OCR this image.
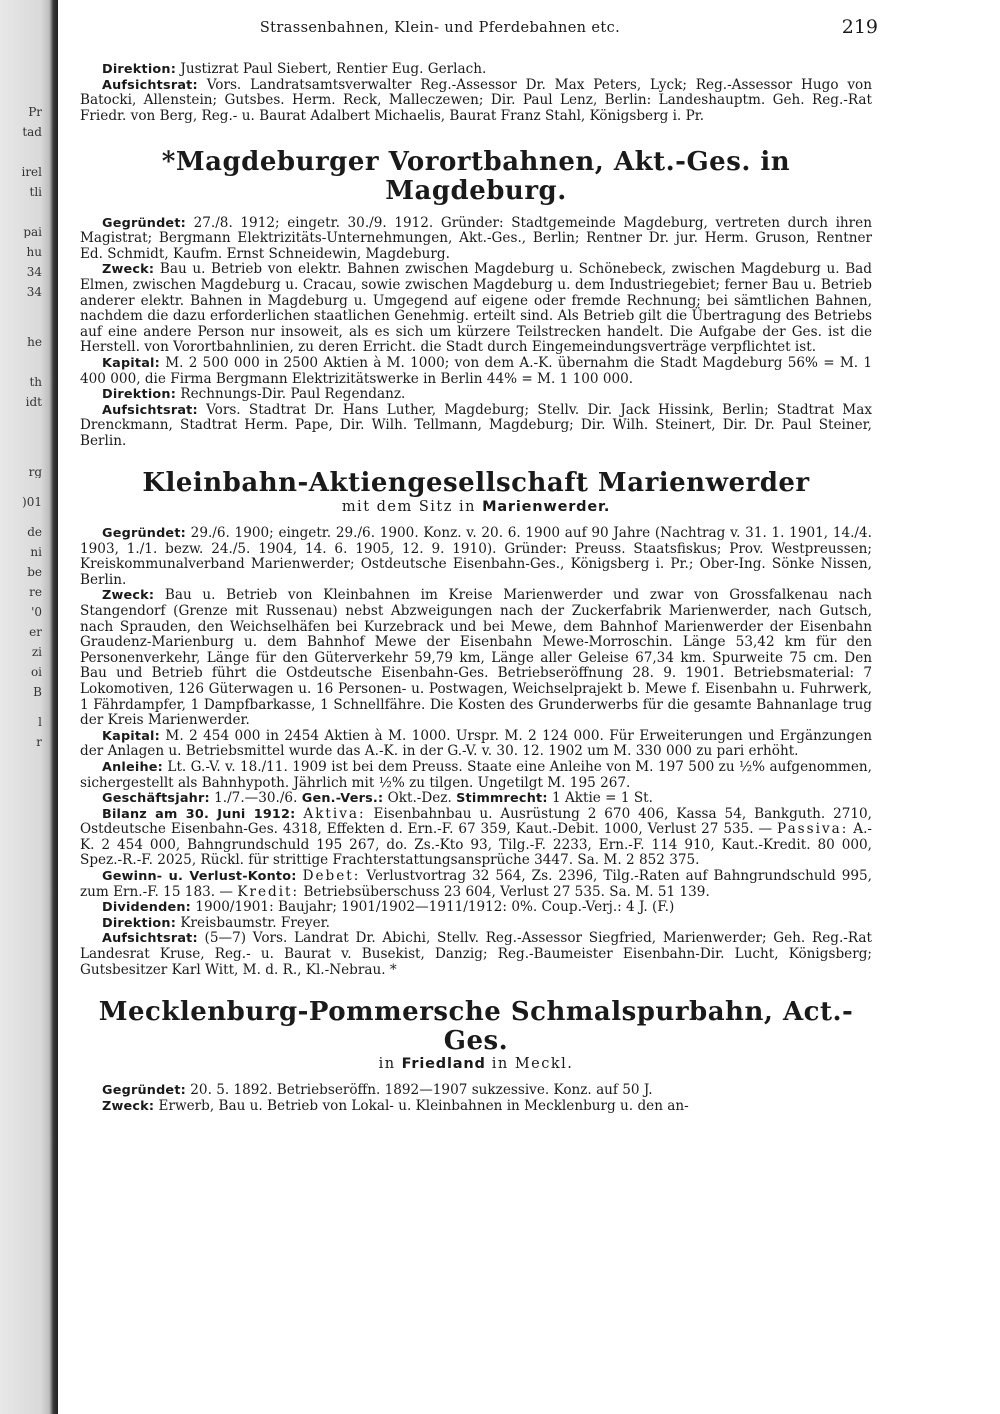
Pr
tad
irel
tli
pai
hu
34
34
he
th
idt
rg
)01
de
ni
be
re
'0
er
zi
oi
B
l
r
Strassenbahnen, Klein- und Pferdebahnen etc.	219

Direktion: Justizrat Paul Siebert, Rentier Eug. Gerlach.

Aufsichtsrat: Vors. Landratsamtsverwalter Reg.-Assessor Dr. Max Peters, Lyck; Reg.-Assessor Hugo von Batocki, Allenstein; Gutsbes. Herm. Reck, Malleczewen; Dir. Paul Lenz, Berlin: Landeshauptm. Geh. Reg.-Rat Friedr. von Berg, Reg.- u. Baurat Adalbert Michaelis, Baurat Franz Stahl, Königsberg i. Pr.

*Magdeburger Vorortbahnen, Akt.-Ges. in Magdeburg.

Gegründet: 27./8. 1912; eingetr. 30./9. 1912. Gründer: Stadtgemeinde Magdeburg, vertreten durch ihren Magistrat; Bergmann Elektrizitäts-Unternehmungen, Akt.-Ges., Berlin; Rentner Dr. jur. Herm. Gruson, Rentner Ed. Schmidt, Kaufm. Ernst Schneidewin, Magdeburg.

Zweck: Bau u. Betrieb von elektr. Bahnen zwischen Magdeburg u. Schönebeck, zwischen Magdeburg u. Bad Elmen, zwischen Magdeburg u. Cracau, sowie zwischen Magdeburg u. dem Industriegebiet; ferner Bau u. Betrieb anderer elektr. Bahnen in Magdeburg u. Umgegend auf eigene oder fremde Rechnung; bei sämtlichen Bahnen, nachdem die dazu erforderlichen staatlichen Genehmig. erteilt sind. Als Betrieb gilt die Übertragung des Betriebs auf eine andere Person nur insoweit, als es sich um kürzere Teilstrecken handelt. Die Aufgabe der Ges. ist die Herstell. von Vorortbahnlinien, zu deren Erricht. die Stadt durch Eingemeindungsverträge verpflichtet ist.

Kapital: M. 2 500 000 in 2500 Aktien à M. 1000; von dem A.-K. übernahm die Stadt Magdeburg 56% = M. 1 400 000, die Firma Bergmann Elektrizitätswerke in Berlin 44% = M. 1 100 000.

Direktion: Rechnungs-Dir. Paul Regendanz.

Aufsichtsrat: Vors. Stadtrat Dr. Hans Luther, Magdeburg; Stellv. Dir. Jack Hissink, Berlin; Stadtrat Max Drenckmann, Stadtrat Herm. Pape, Dir. Wilh. Tellmann, Magdeburg; Dir. Wilh. Steinert, Dir. Dr. Paul Steiner, Berlin.

Kleinbahn-Aktiengesellschaft Marienwerder
mit dem Sitz in Marienwerder.

Gegründet: 29./6. 1900; eingetr. 29./6. 1900. Konz. v. 20. 6. 1900 auf 90 Jahre (Nachtrag v. 31. 1. 1901, 14./4. 1903, 1./1. bezw. 24./5. 1904, 14. 6. 1905, 12. 9. 1910). Gründer: Preuss. Staatsfiskus; Prov. Westpreussen; Kreiskommunalverband Marienwerder; Ostdeutsche Eisenbahn-Ges., Königsberg i. Pr.; Ober-Ing. Sönke Nissen, Berlin.

Zweck: Bau u. Betrieb von Kleinbahnen im Kreise Marienwerder und zwar von Grossfalkenau nach Stangendorf (Grenze mit Russenau) nebst Abzweigungen nach der Zuckerfabrik Marienwerder, nach Gutsch, nach Sprauden, den Weichselhäfen bei Kurzebrack und bei Mewe, dem Bahnhof Marienwerder der Eisenbahn Graudenz-Marienburg u. dem Bahnhof Mewe der Eisenbahn Mewe-Morroschin. Länge 53,42 km für den Personenverkehr, Länge für den Güterverkehr 59,79 km, Länge aller Geleise 67,34 km. Spurweite 75 cm. Den Bau und Betrieb führt die Ostdeutsche Eisenbahn-Ges. Betriebseröffnung 28. 9. 1901. Betriebsmaterial: 7 Lokomotiven, 126 Güterwagen u. 16 Personen- u. Postwagen, Weichselprajekt b. Mewe f. Eisenbahn u. Fuhrwerk, 1 Fährdampfer, 1 Dampfbarkasse, 1 Schnellfähre. Die Kosten des Grunderwerbs für die gesamte Bahnanlage trug der Kreis Marienwerder.

Kapital: M. 2 454 000 in 2454 Aktien à M. 1000. Urspr. M. 2 124 000. Für Erweiterungen und Ergänzungen der Anlagen u. Betriebsmittel wurde das A.-K. in der G.-V. v. 30. 12. 1902 um M. 330 000 zu pari erhöht.

Anleihe: Lt. G.-V. v. 18./11. 1909 ist bei dem Preuss. Staate eine Anleihe von M. 197 500 zu ½% aufgenommen, sichergestellt als Bahnhypoth. Jährlich mit ½% zu tilgen. Ungetilgt M. 195 267.

Geschäftsjahr: 1./7.—30./6. Gen.-Vers.: Okt.-Dez. Stimmrecht: 1 Aktie = 1 St.

Bilanz am 30. Juni 1912: Aktiva: Eisenbahnbau u. Ausrüstung 2 670 406, Kassa 54, Bankguth. 2710, Ostdeutsche Eisenbahn-Ges. 4318, Effekten d. Ern.-F. 67 359, Kaut.-Debit. 1000, Verlust 27 535. — Passiva: A.-K. 2 454 000, Bahngrundschuld 195 267, do. Zs.-Kto 93, Tilg.-F. 2233, Ern.-F. 114 910, Kaut.-Kredit. 80 000, Spez.-R.-F. 2025, Rückl. für strittige Frachterstattungsansprüche 3447. Sa. M. 2 852 375.

Gewinn- u. Verlust-Konto: Debet: Verlustvortrag 32 564, Zs. 2396, Tilg.-Raten auf Bahngrundschuld 995, zum Ern.-F. 15 183. — Kredit: Betriebsüberschuss 23 604, Verlust 27 535. Sa. M. 51 139.

Dividenden: 1900/1901: Baujahr; 1901/1902—1911/1912: 0%. Coup.-Verj.: 4 J. (F.)

Direktion: Kreisbaumstr. Freyer.

Aufsichtsrat: (5—7) Vors. Landrat Dr. Abichi, Stellv. Reg.-Assessor Siegfried, Marienwerder; Geh. Reg.-Rat Landesrat Kruse, Reg.- u. Baurat v. Busekist, Danzig; Reg.-Baumeister Eisenbahn-Dir. Lucht, Königsberg; Gutsbesitzer Karl Witt, M. d. R., Kl.-Nebrau. *

Mecklenburg-Pommersche Schmalspurbahn, Act.-Ges.
in Friedland in Meckl.

Gegründet: 20. 5. 1892. Betriebseröffn. 1892—1907 sukzessive. Konz. auf 50 J.

Zweck: Erwerb, Bau u. Betrieb von Lokal- u. Kleinbahnen in Mecklenburg u. den an-
